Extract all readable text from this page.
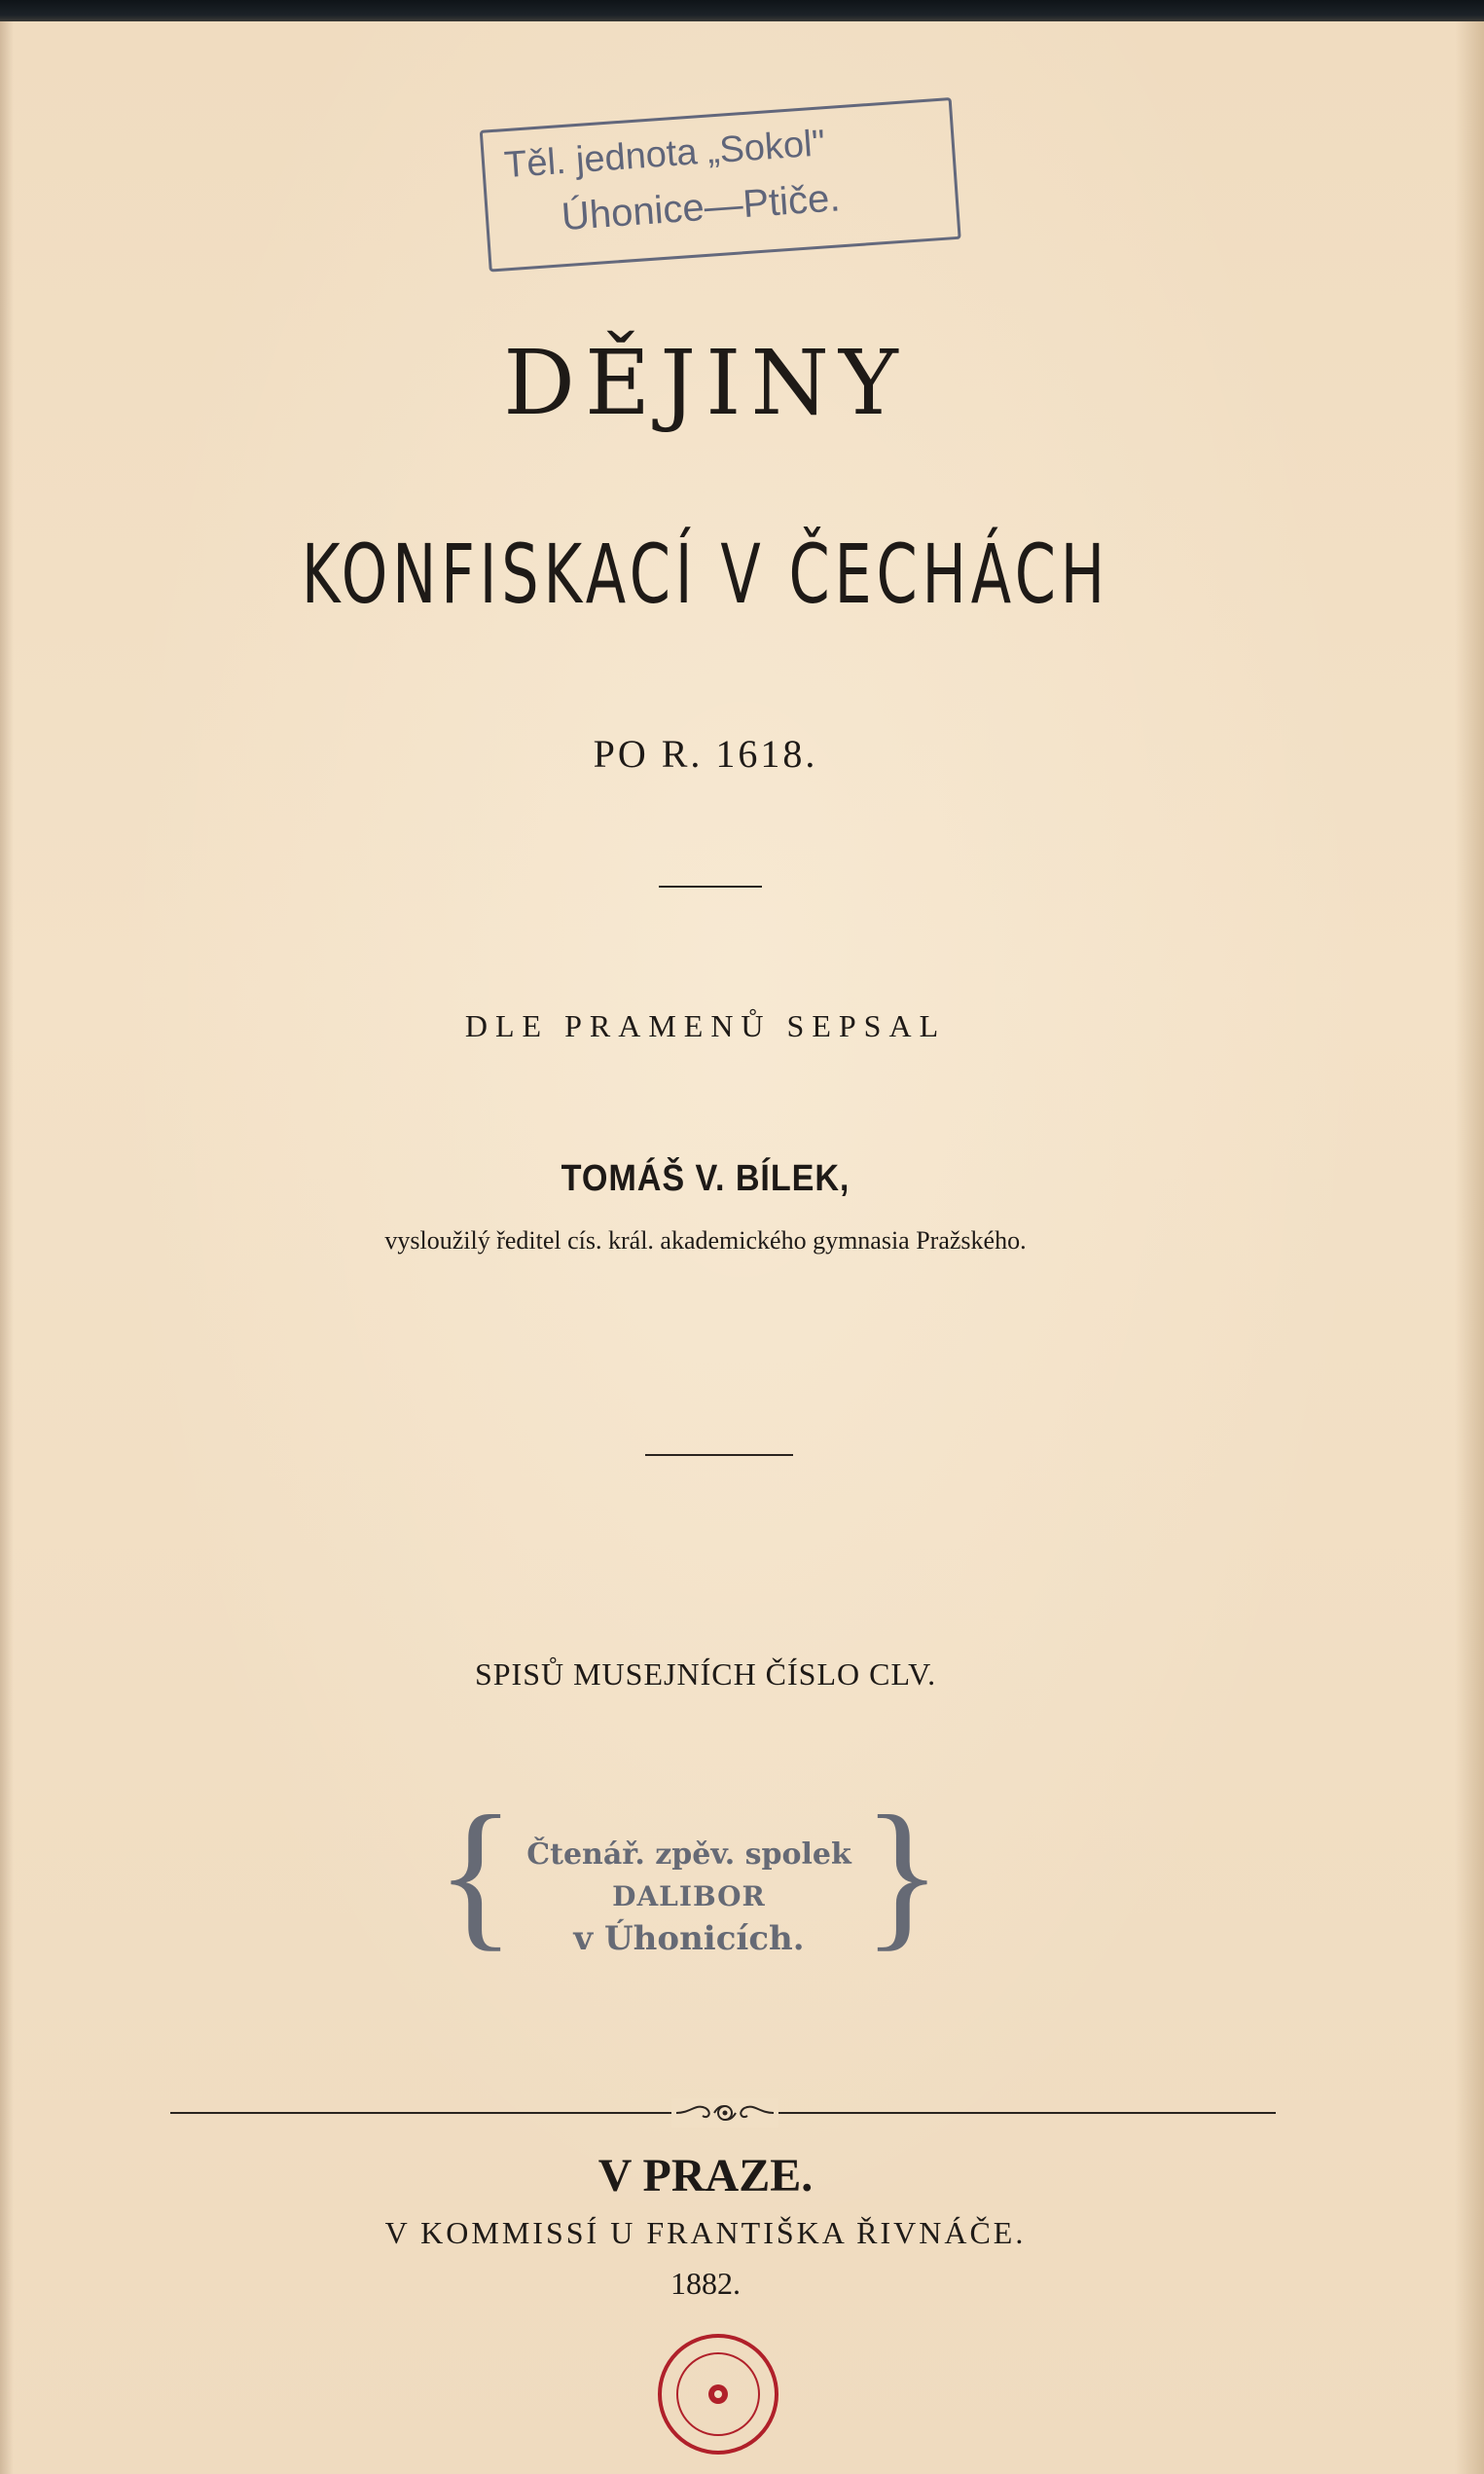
Těl. jednota „Sokol"
Úhonice—Ptiče.
DĚJINY
KONFISKACÍ V ČECHÁCH
PO R. 1618.
DLE PRAMENŮ SEPSAL
TOMÁŠ V. BÍLEK,
vysloužilý ředitel cís. král. akademického gymnasia Pražského.
SPISŮ MUSEJNÍCH ČÍSLO CLV.
{ }
Čtenář. zpěv. spolek
DALIBOR
v Úhonicích.
V PRAZE.
V KOMMISSÍ U FRANTIŠKA ŘIVNÁČE.
1882.
